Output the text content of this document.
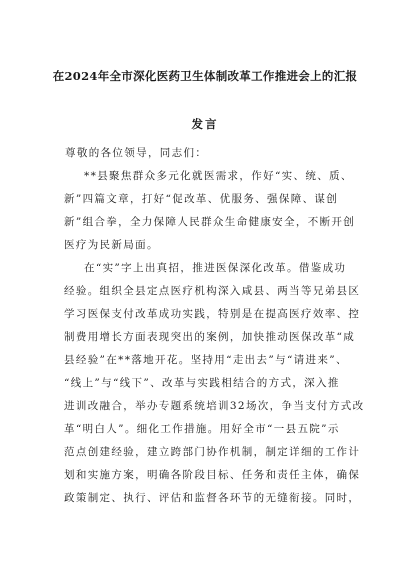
在2024年全市深化医药卫生体制改革工作推进会上的汇报
发言
尊敬的各位领导，同志们：
**县聚焦群众多元化就医需求，作好“实、统、质、
新”四篇文章，打好“促改革、优服务、强保障、谋创
新”组合拳，全力保障人民群众生命健康安全，不断开创
医疗为民新局面。
在“实”字上出真招，推进医保深化改革。借鉴成功
经验。组织全县定点医疗机构深入咸县、两当等兄弟县区
学习医保支付改革成功实践，特别是在提高医疗效率、控
制费用增长方面表现突出的案例，加快推动医保改革“咸
县经验”在**落地开花。坚持用“走出去”与“请进来”、
“线上”与“线下”、改革与实践相结合的方式，深入推
进训改融合，举办专题系统培训32场次，争当支付方式改
革“明白人”。细化工作措施。用好全市“一县五院”示
范点创建经验，建立跨部门协作机制，制定详细的工作计
划和实施方案，明确各阶段目标、任务和责任主体，确保
政策制定、执行、评估和监督各环节的无缝衔接。同时，
